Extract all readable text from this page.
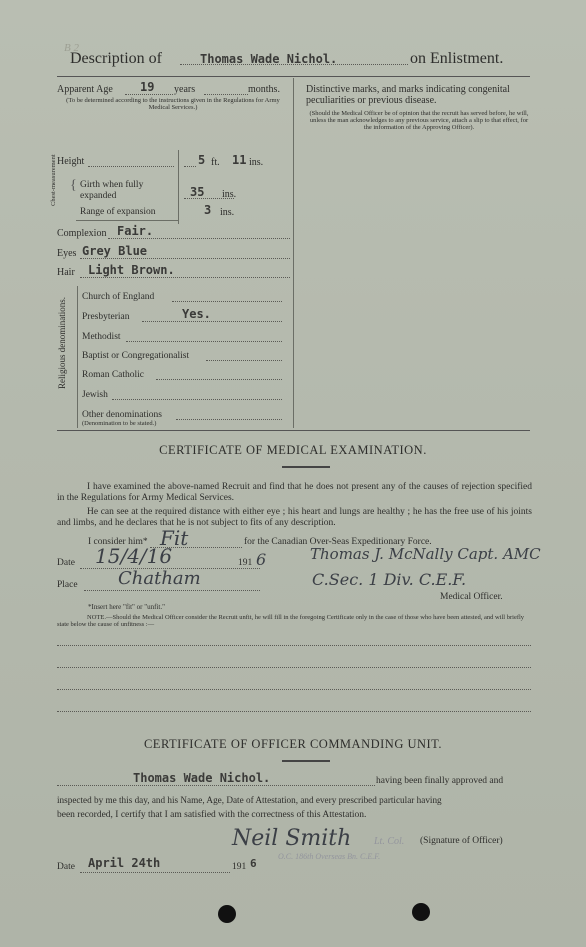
B 2
Description of	Thomas Wade Nichol.	on Enlistment.
Apparent Age 19 years	months.
(To be determined according to the instructions given in the Regulations for Army Medical Services.)
Distinctive marks, and marks indicating congenital peculiarities or previous disease.
(Should the Medical Officer be of opinion that the recruit has served before, he will, unless the man acknowledges to any previous service, attach a slip to that effect, for the information of the Approving Officer).
Height	5 ft. 11 ins.
Chest-measurement { Girth when fully expanded	35 ins.
Range of expansion	3 ins.
Complexion Fair.
Eyes Grey Blue
Hair Light Brown.
Religious denominations. Church of England
Presbyterian	Yes.
Methodist
Baptist or Congregationalist
Roman Catholic
Jewish
Other denominations
(Denomination to be stated.)
CERTIFICATE OF MEDICAL EXAMINATION.
I have examined the above-named Recruit and find that he does not present any of the causes of rejection specified in the Regulations for Army Medical Services.
He can see at the required distance with either eye ; his heart and lungs are healthy ; he has the free use of his joints and limbs, and he declares that he is not subject to fits of any description.
I consider him* Fit	for the Canadian Over-Seas Expeditionary Force.
Date 15/4/16	191 6	Thomas J. McNally Capt. AMC
Place Chatham	C.Sec. 1 Div. C.E.F.
Medical Officer.
*Insert here "fit" or "unfit."
NOTE.—Should the Medical Officer consider the Recruit unfit, he will fill in the foregoing Certificate only in the case of those who have been attested, and will briefly state below the cause of unfitness :—
CERTIFICATE OF OFFICER COMMANDING UNIT.
Thomas Wade Nichol.	having been finally approved and
inspected by me this day, and his Name, Age, Date of Attestation, and every prescribed particular having
been recorded, I certify that I am satisfied with the correctness of this Attestation.
Neil Smith Lt. Col. (Signature of Officer)
O.C. 186th Overseas Bn. C.E.F.
Date April 24th	191 6
